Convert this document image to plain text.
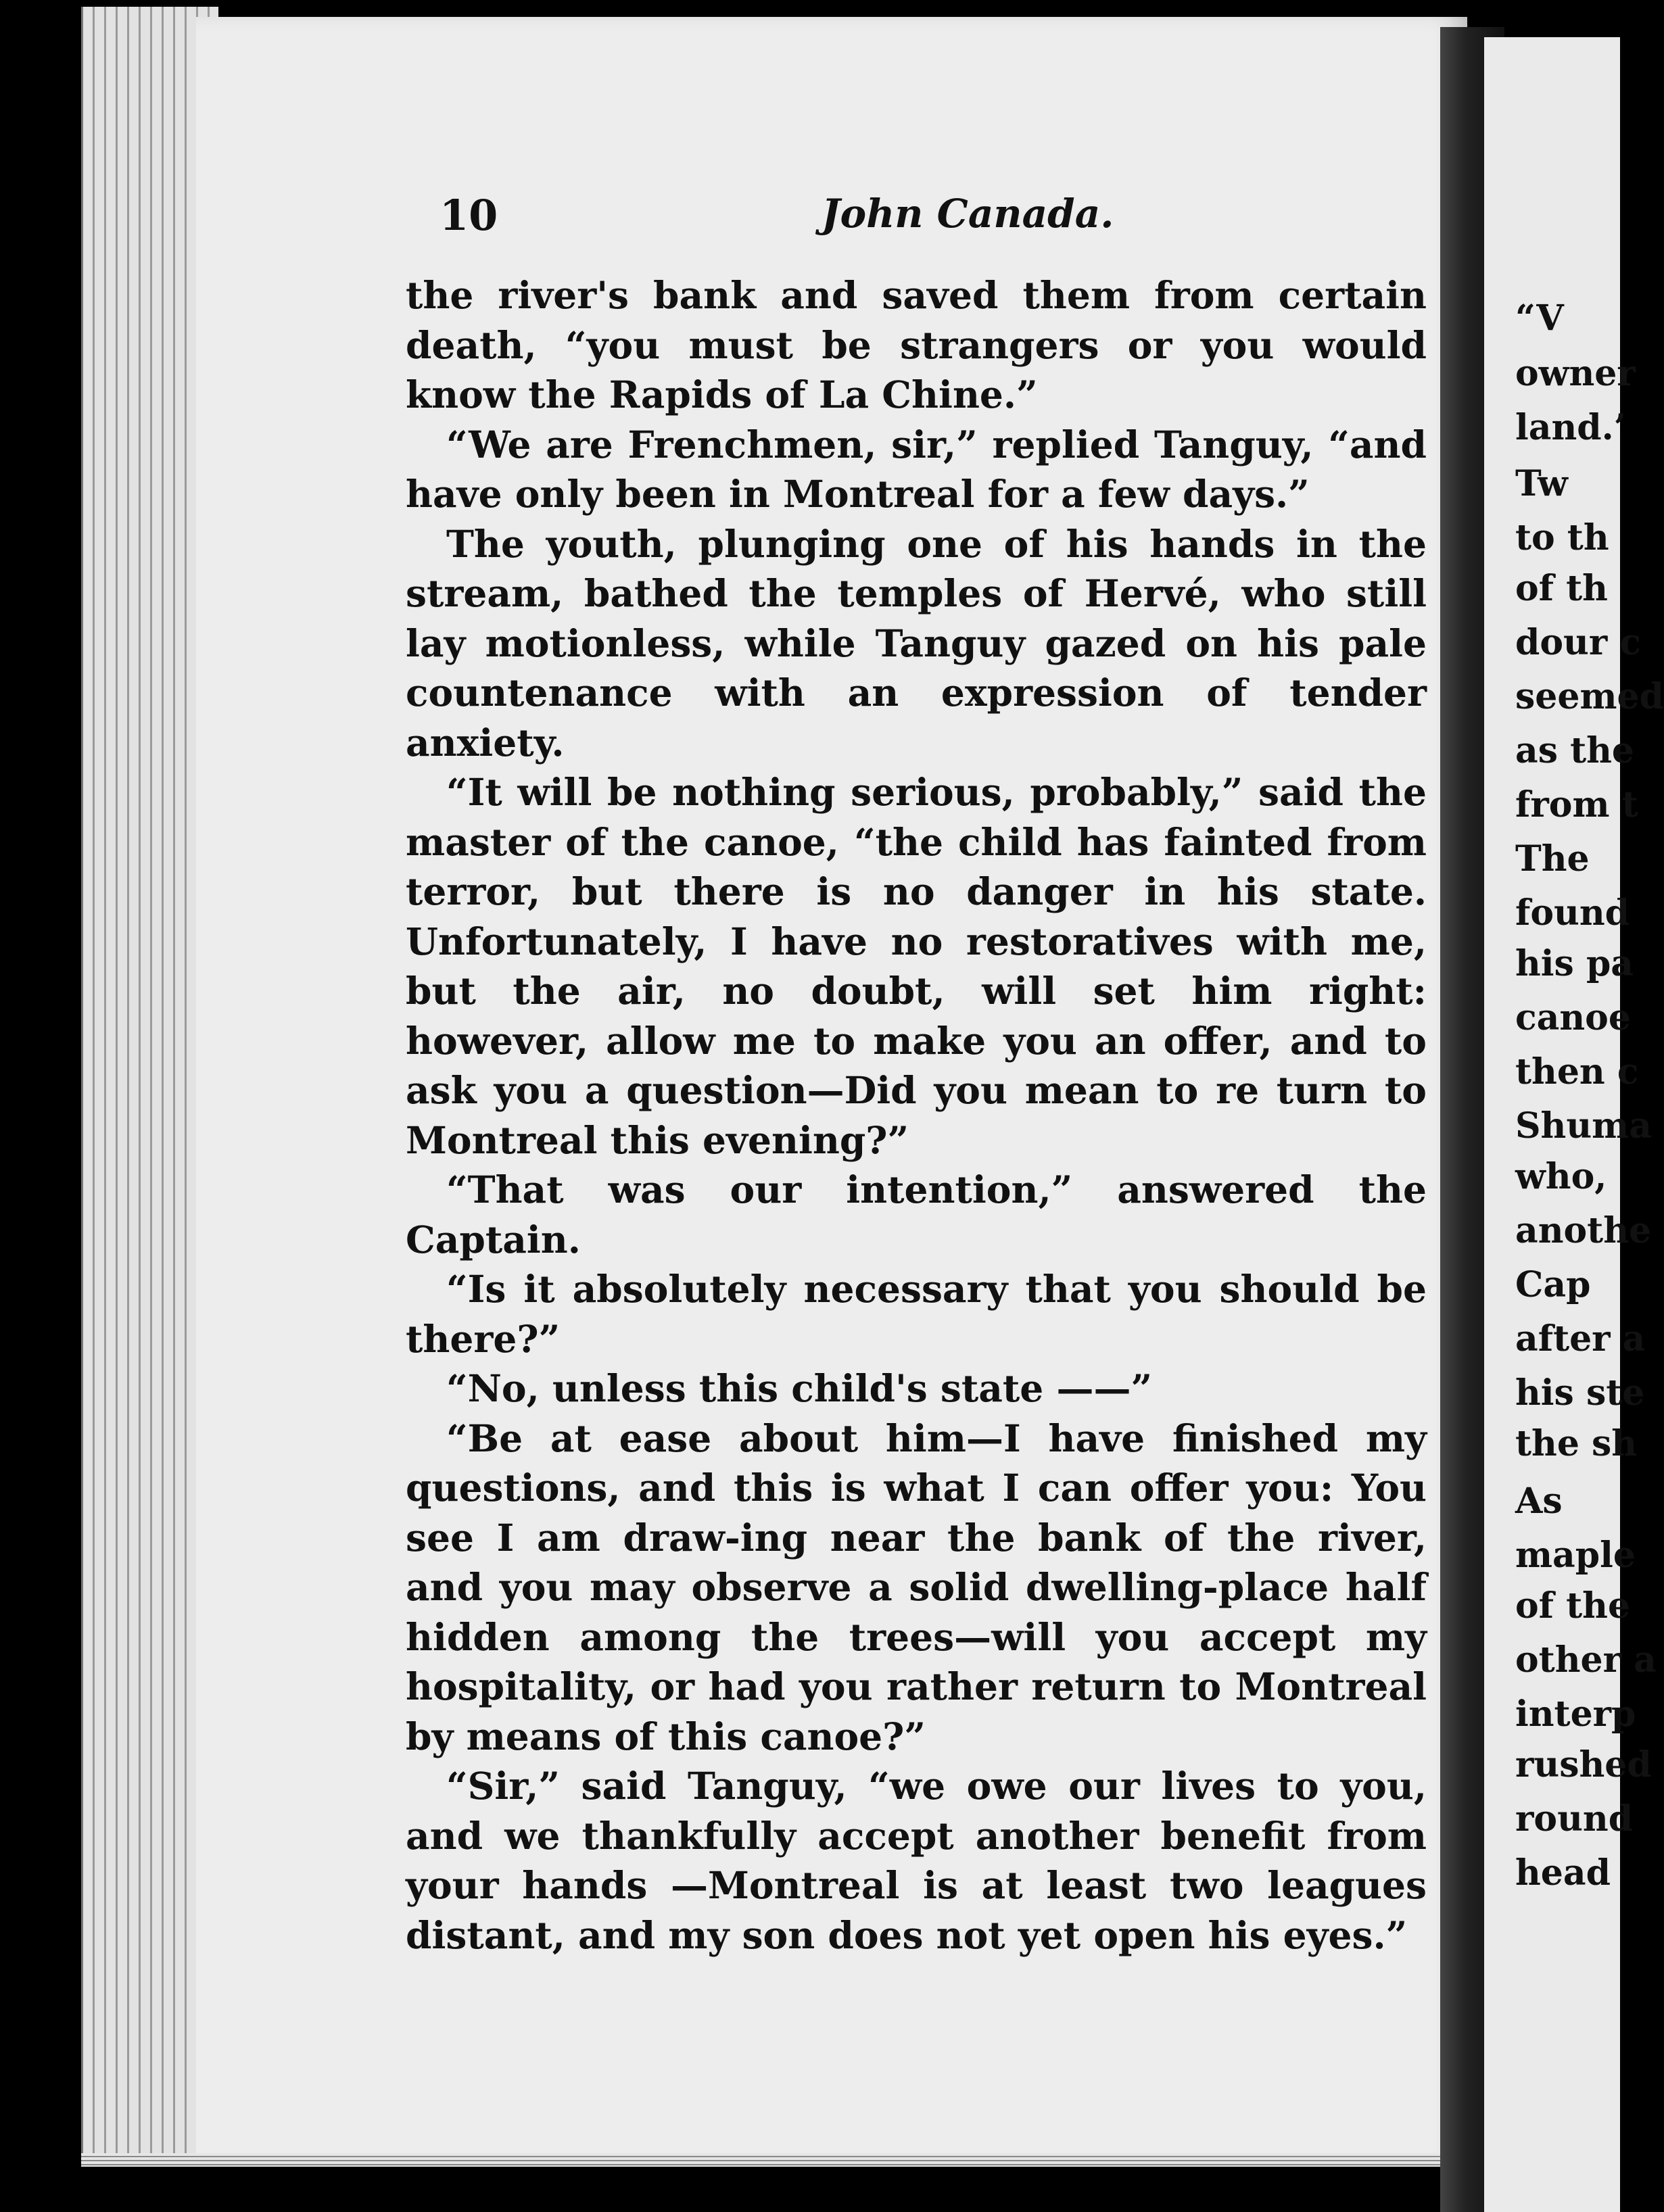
“V
owner
land.’
Tw
to th
of th
dour c
seemed
as the
from t
The
found
his pa
canoe
then c
Shuma
who,
anothe
Cap
after a
his ste
the sh
As
maple
of the
other a
interp
rushed
round
head
10	John Canada.

the river's bank and saved them from certain death, “you must be strangers or you would know the Rapids of La Chine.”

“We are Frenchmen, sir,” replied Tanguy, “and have only been in Montreal for a few days.”

The youth, plunging one of his hands in the stream, bathed the temples of Hervé, who still lay motionless, while Tanguy gazed on his pale countenance with an expression of tender anxiety.

“It will be nothing serious, probably,” said the master of the canoe, “the child has fainted from terror, but there is no danger in his state. Unfortunately, I have no restoratives with me, but the air, no doubt, will set him right: however, allow me to make you an offer, and to ask you a question—Did you mean to re turn to Montreal this evening?”

“That was our intention,” answered the Captain.

“Is it absolutely necessary that you should be there?”

“No, unless this child's state ——”

“Be at ease about him—I have finished my questions, and this is what I can offer you: You see I am draw-ing near the bank of the river, and you may observe a solid dwelling-place half hidden among the trees—will you accept my hospitality, or had you rather return to Montreal by means of this canoe?”

“Sir,” said Tanguy, “we owe our lives to you, and we thankfully accept another benefit from your hands —Montreal is at least two leagues distant, and my son does not yet open his eyes.”
